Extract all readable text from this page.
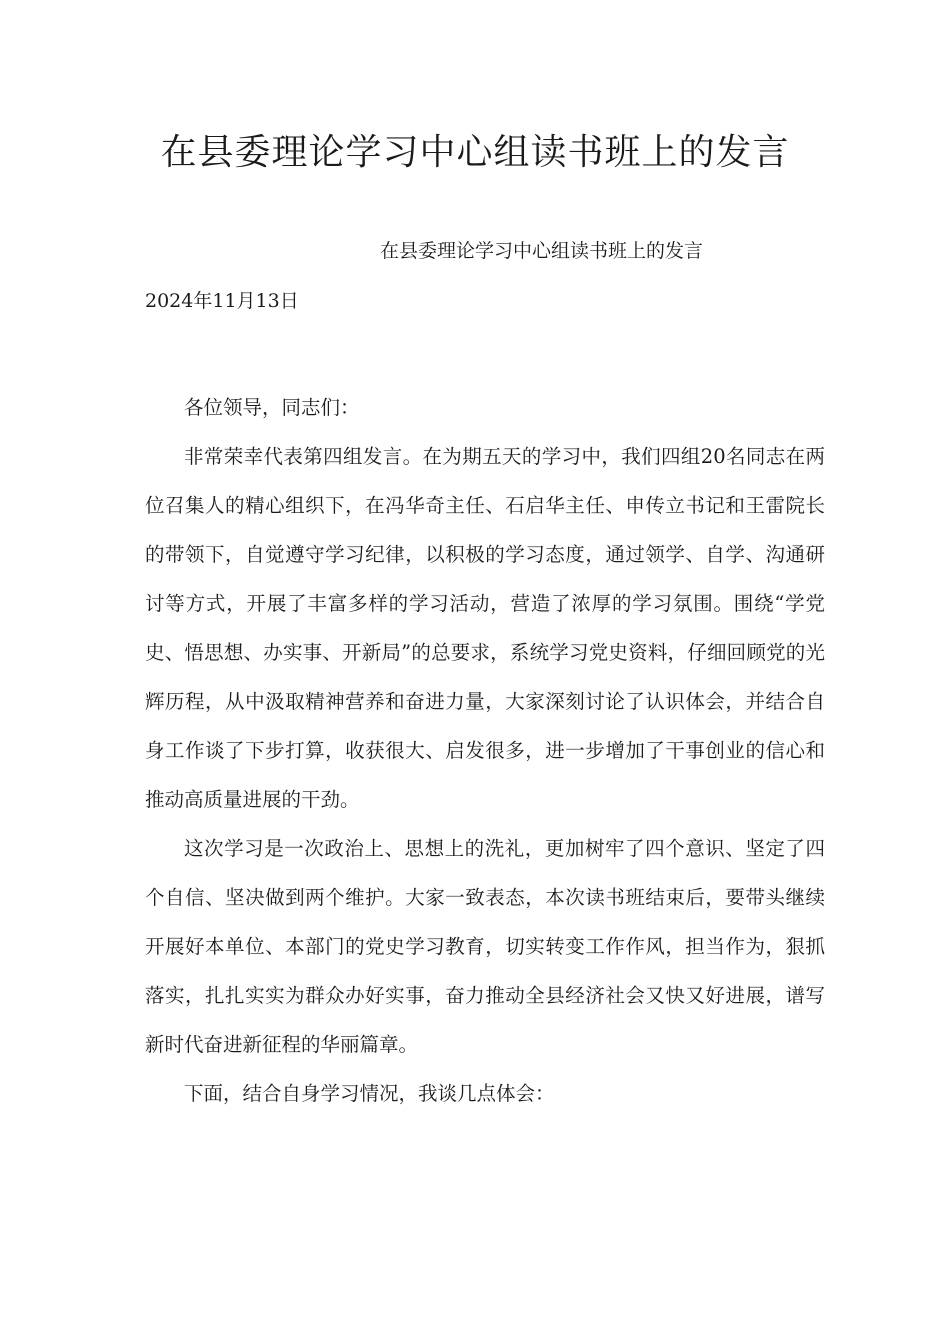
在县委理论学习中心组读书班上的发言
在县委理论学习中心组读书班上的发言
2024年11月13日

各位领导，同志们：

非常荣幸代表第四组发言。在为期五天的学习中，我们四组20名同志在两位召集人的精心组织下，在冯华奇主任、石启华主任、申传立书记和王雷院长的带领下，自觉遵守学习纪律，以积极的学习态度，通过领学、自学、沟通研讨等方式，开展了丰富多样的学习活动，营造了浓厚的学习氛围。围绕“学党史、悟思想、办实事、开新局”的总要求，系统学习党史资料，仔细回顾党的光辉历程，从中汲取精神营养和奋进力量，大家深刻讨论了认识体会，并结合自身工作谈了下步打算，收获很大、启发很多，进一步增加了干事创业的信心和推动高质量进展的干劲。

这次学习是一次政治上、思想上的洗礼，更加树牢了四个意识、坚定了四个自信、坚决做到两个维护。大家一致表态，本次读书班结束后，要带头继续开展好本单位、本部门的党史学习教育，切实转变工作作风，担当作为，狠抓落实，扎扎实实为群众办好实事，奋力推动全县经济社会又快又好进展，谱写新时代奋进新征程的华丽篇章。

下面，结合自身学习情况，我谈几点体会：
